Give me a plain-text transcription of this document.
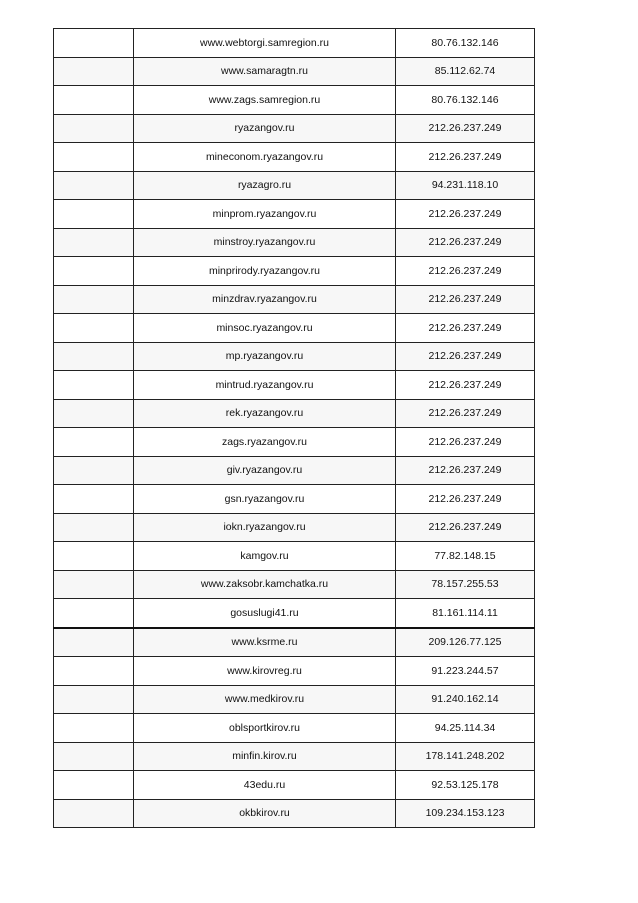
	www.webtorgi.samregion.ru	80.76.132.146
	www.samaragtn.ru	85.112.62.74
	www.zags.samregion.ru	80.76.132.146
	ryazangov.ru	212.26.237.249
	mineconom.ryazangov.ru	212.26.237.249
	ryazagro.ru	94.231.118.10
	minprom.ryazangov.ru	212.26.237.249
	minstroy.ryazangov.ru	212.26.237.249
	minprirody.ryazangov.ru	212.26.237.249
	minzdrav.ryazangov.ru	212.26.237.249
	minsoc.ryazangov.ru	212.26.237.249
	mp.ryazangov.ru	212.26.237.249
	mintrud.ryazangov.ru	212.26.237.249
	rek.ryazangov.ru	212.26.237.249
	zags.ryazangov.ru	212.26.237.249
	giv.ryazangov.ru	212.26.237.249
	gsn.ryazangov.ru	212.26.237.249
	iokn.ryazangov.ru	212.26.237.249
	kamgov.ru	77.82.148.15
	www.zaksobr.kamchatka.ru	78.157.255.53
	gosuslugi41.ru	81.161.114.11
	www.ksrme.ru	209.126.77.125
	www.kirovreg.ru	91.223.244.57
	www.medkirov.ru	91.240.162.14
	oblsportkirov.ru	94.25.114.34
	minfin.kirov.ru	178.141.248.202
	43edu.ru	92.53.125.178
	okbkirov.ru	109.234.153.123
